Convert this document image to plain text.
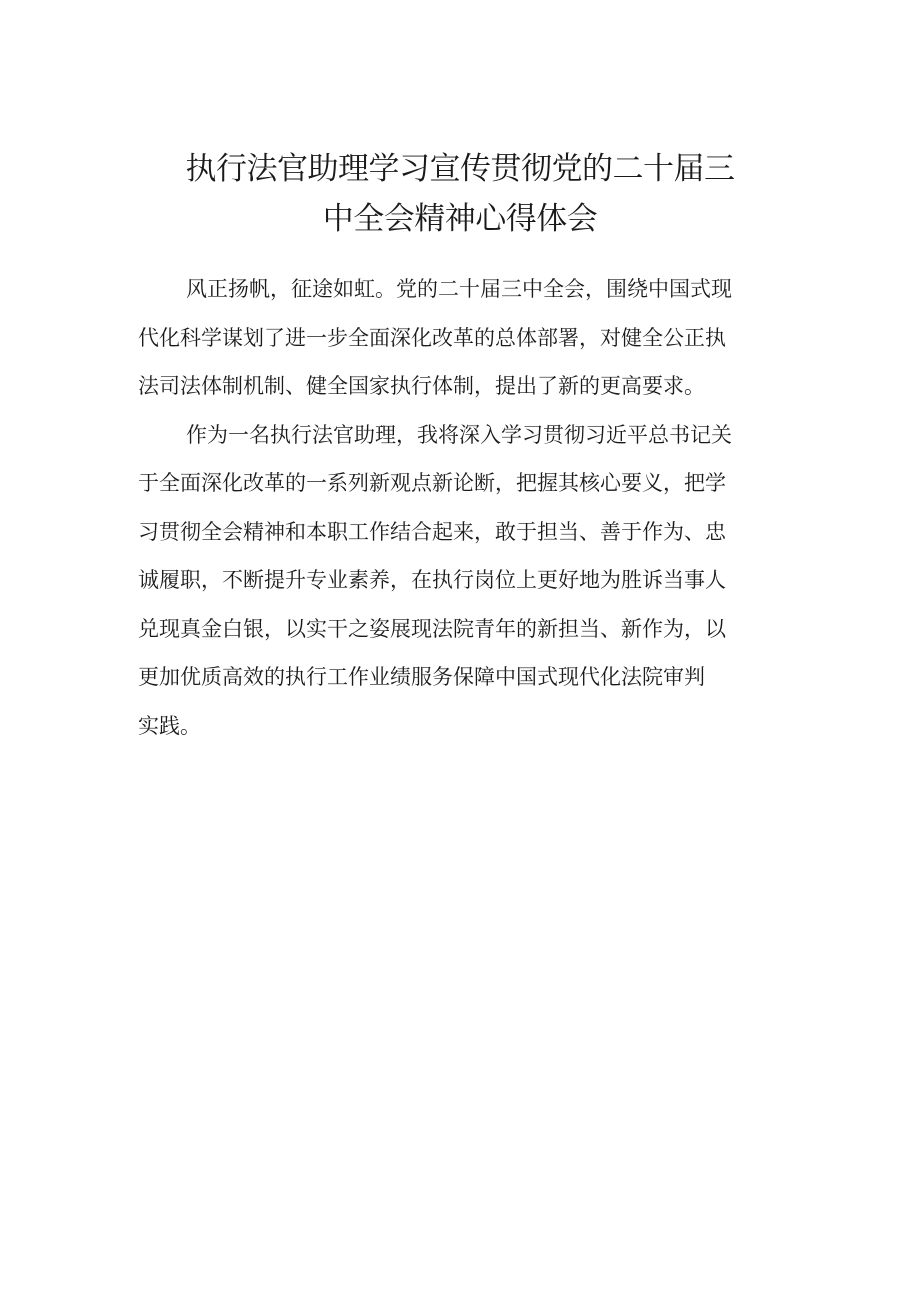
执行法官助理学习宣传贯彻党的二十届三
中全会精神心得体会
风正扬帆，征途如虹。党的二十届三中全会，围绕中国式现
代化科学谋划了进一步全面深化改革的总体部署，对健全公正执
法司法体制机制、健全国家执行体制，提出了新的更高要求。
作为一名执行法官助理，我将深入学习贯彻习近平总书记关
于全面深化改革的一系列新观点新论断，把握其核心要义，把学
习贯彻全会精神和本职工作结合起来，敢于担当、善于作为、忠
诚履职，不断提升专业素养，在执行岗位上更好地为胜诉当事人
兑现真金白银，以实干之姿展现法院青年的新担当、新作为，以
更加优质高效的执行工作业绩服务保障中国式现代化法院审判
实践。
